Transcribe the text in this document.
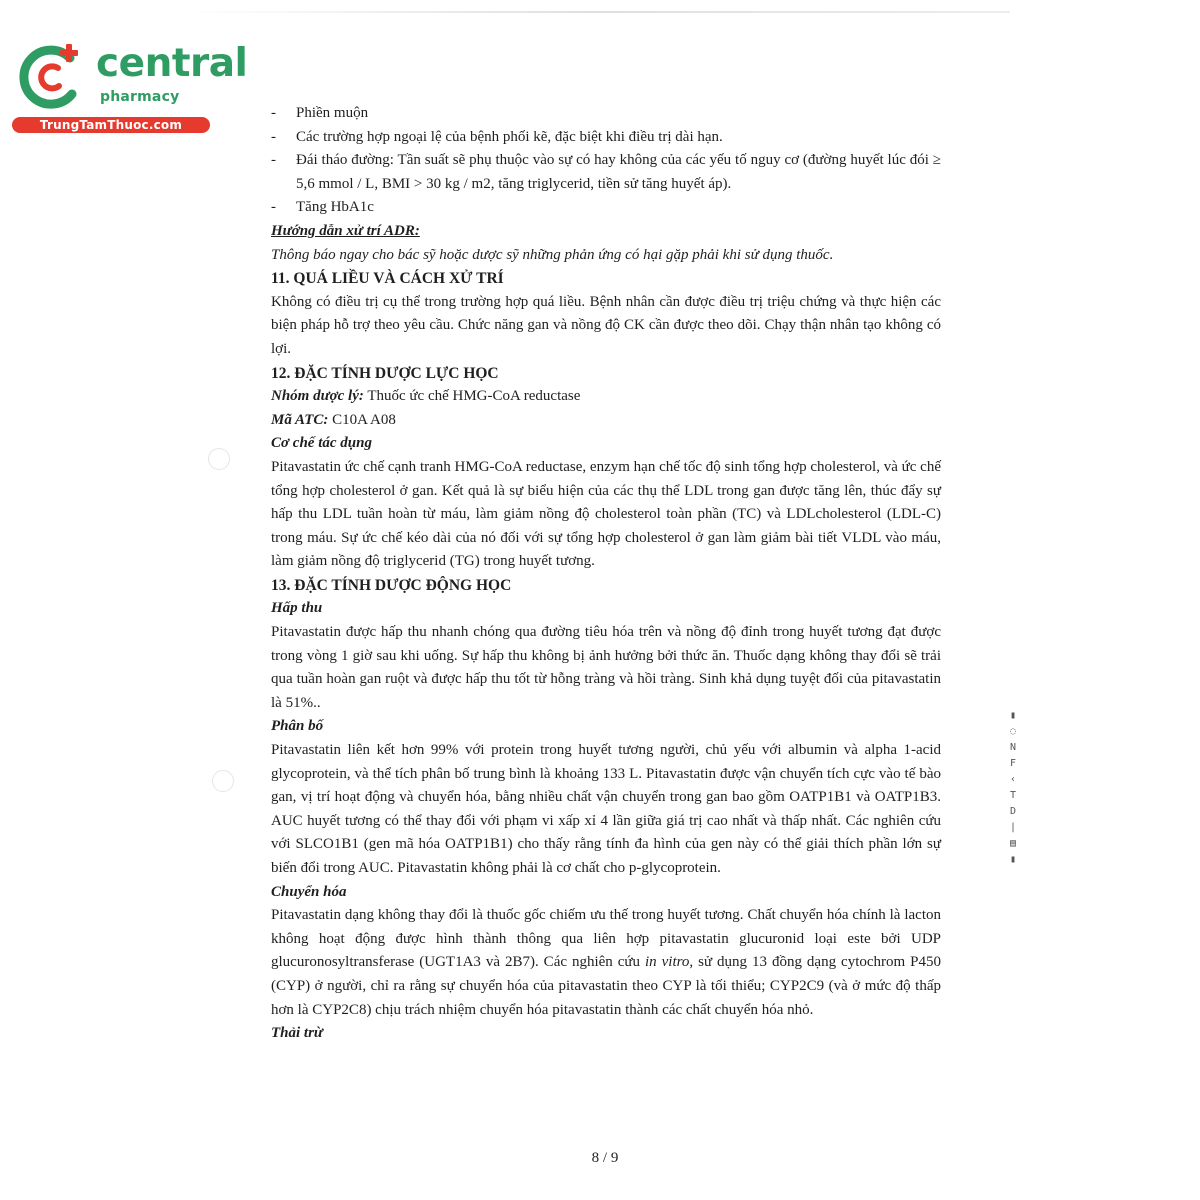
central
pharmacy
TrungTamThuoc.com
-	Phiền muộn
-	Các trường hợp ngoại lệ của bệnh phối kẽ, đặc biệt khi điều trị dài hạn.
-	Đái tháo đường: Tần suất sẽ phụ thuộc vào sự có hay không của các yếu tố nguy cơ (đường huyết lúc đói ≥ 5,6 mmol / L, BMI > 30 kg / m2, tăng triglycerid, tiền sử tăng huyết áp).
-	Tăng HbA1c

Hướng dẫn xử trí ADR:

Thông báo ngay cho bác sỹ hoặc dược sỹ những phản ứng có hại gặp phải khi sử dụng thuốc.

11. QUÁ LIỀU VÀ CÁCH XỬ TRÍ

Không có điều trị cụ thể trong trường hợp quá liều. Bệnh nhân cần được điều trị triệu chứng và thực hiện các biện pháp hỗ trợ theo yêu cầu. Chức năng gan và nồng độ CK cần được theo dõi. Chạy thận nhân tạo không có lợi.

12. ĐẶC TÍNH DƯỢC LỰC HỌC

Nhóm dược lý: Thuốc ức chế HMG-CoA reductase

Mã ATC: C10A A08

Cơ chế tác dụng

Pitavastatin ức chế cạnh tranh HMG-CoA reductase, enzym hạn chế tốc độ sinh tổng hợp cholesterol, và ức chế tổng hợp cholesterol ở gan. Kết quả là sự biểu hiện của các thụ thể LDL trong gan được tăng lên, thúc đẩy sự hấp thu LDL tuần hoàn từ máu, làm giảm nồng độ cholesterol toàn phần (TC) và LDLcholesterol (LDL-C) trong máu. Sự ức chế kéo dài của nó đối với sự tổng hợp cholesterol ở gan làm giảm bài tiết VLDL vào máu, làm giảm nồng độ triglycerid (TG) trong huyết tương.

13. ĐẶC TÍNH DƯỢC ĐỘNG HỌC

Hấp thu

Pitavastatin được hấp thu nhanh chóng qua đường tiêu hóa trên và nồng độ đỉnh trong huyết tương đạt được trong vòng 1 giờ sau khi uống. Sự hấp thu không bị ảnh hưởng bởi thức ăn. Thuốc dạng không thay đổi sẽ trải qua tuần hoàn gan ruột và được hấp thu tốt từ hỗng tràng và hồi tràng. Sinh khả dụng tuyệt đối của pitavastatin là 51%..

Phân bố

Pitavastatin liên kết hơn 99% với protein trong huyết tương người, chủ yếu với albumin và alpha 1-acid glycoprotein, và thể tích phân bố trung bình là khoảng 133 L. Pitavastatin được vận chuyển tích cực vào tế bào gan, vị trí hoạt động và chuyển hóa, bằng nhiều chất vận chuyển trong gan bao gồm OATP1B1 và OATP1B3. AUC huyết tương có thể thay đổi với phạm vi xấp xỉ 4 lần giữa giá trị cao nhất và thấp nhất. Các nghiên cứu với SLCO1B1 (gen mã hóa OATP1B1) cho thấy rằng tính đa hình của gen này có thể giải thích phần lớn sự biến đổi trong AUC. Pitavastatin không phải là cơ chất cho p-glycoprotein.

Chuyển hóa

Pitavastatin dạng không thay đổi là thuốc gốc chiếm ưu thế trong huyết tương. Chất chuyển hóa chính là lacton không hoạt động được hình thành thông qua liên hợp pitavastatin glucuronid loại este bởi UDP glucuronosyltransferase (UGT1A3 và 2B7). Các nghiên cứu in vitro, sử dụng 13 đồng dạng cytochrom P450 (CYP) ở người, chỉ ra rằng sự chuyển hóa của pitavastatin theo CYP là tối thiểu; CYP2C9 (và ở mức độ thấp hơn là CYP2C8) chịu trách nhiệm chuyển hóa pitavastatin thành các chất chuyển hóa nhỏ.

Thải trừ

8 / 9
▮
◌
N
F
‹
T
D
|
▤
▮
